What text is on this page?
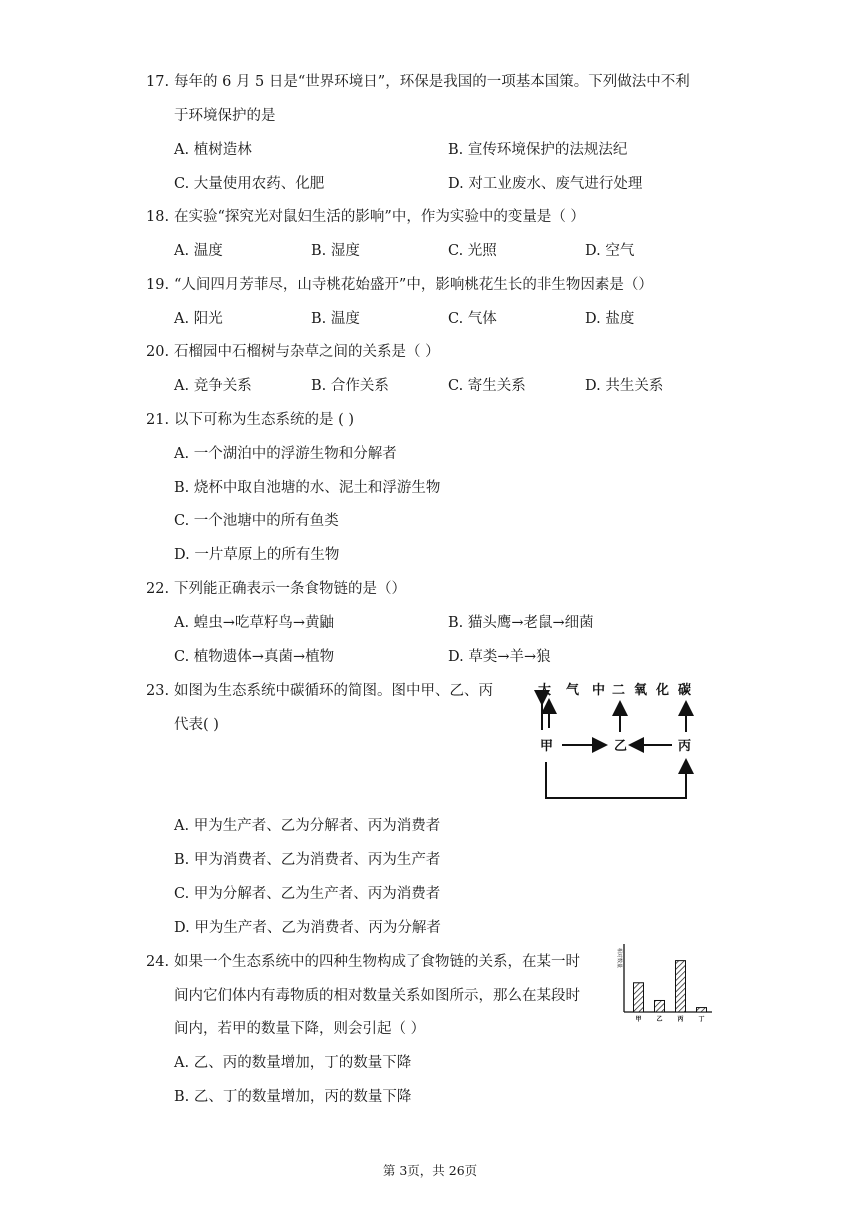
17. 每年的 6 月 5 日是“世界环境日”，环保是我国的一项基本国策。下列做法中不利
于环境保护的是
A. 植树造林	B. 宣传环境保护的法规法纪
C. 大量使用农药、化肥	D. 对工业废水、废气进行处理
18. 在实验“探究光对鼠妇生活的影响”中，作为实验中的变量是（ ）
A. 温度	B. 湿度	C. 光照	D. 空气
19. “人间四月芳菲尽，山寺桃花始盛开”中，影响桃花生长的非生物因素是（）
A. 阳光	B. 温度	C. 气体	D. 盐度
20. 石榴园中石榴树与杂草之间的关系是（ ）
A. 竞争关系	B. 合作关系	C. 寄生关系	D. 共生关系
21. 以下可称为生态系统的是 ( )
A. 一个湖泊中的浮游生物和分解者
B. 烧杯中取自池塘的水、泥土和浮游生物
C. 一个池塘中的所有鱼类
D. 一片草原上的所有生物
22. 下列能正确表示一条食物链的是（）
A. 蝗虫→吃草籽鸟→黄鼬	B. 猫头鹰→老鼠→细菌
C. 植物遗体→真菌→植物	D. 草类→羊→狼
23. 如图为生态系统中碳循环的简图。图中甲、乙、丙
代表( )
大 气 中 二 氧 化 碳
甲	乙	丙
A. 甲为生产者、乙为分解者、丙为消费者
B. 甲为消费者、乙为消费者、丙为生产者
C. 甲为分解者、乙为生产者、丙为消费者
D. 甲为生产者、乙为消费者、丙为分解者
24. 如果一个生态系统中的四种生物构成了食物链的关系，在某一时
间内它们体内有毒物质的相对数量关系如图所示，那么在某段时
间内，若甲的数量下降，则会引起（ ）
相对数量
甲 乙 丙 丁
A. 乙、丙的数量增加，丁的数量下降
B. 乙、丁的数量增加，丙的数量下降
第 3页，共 26页
